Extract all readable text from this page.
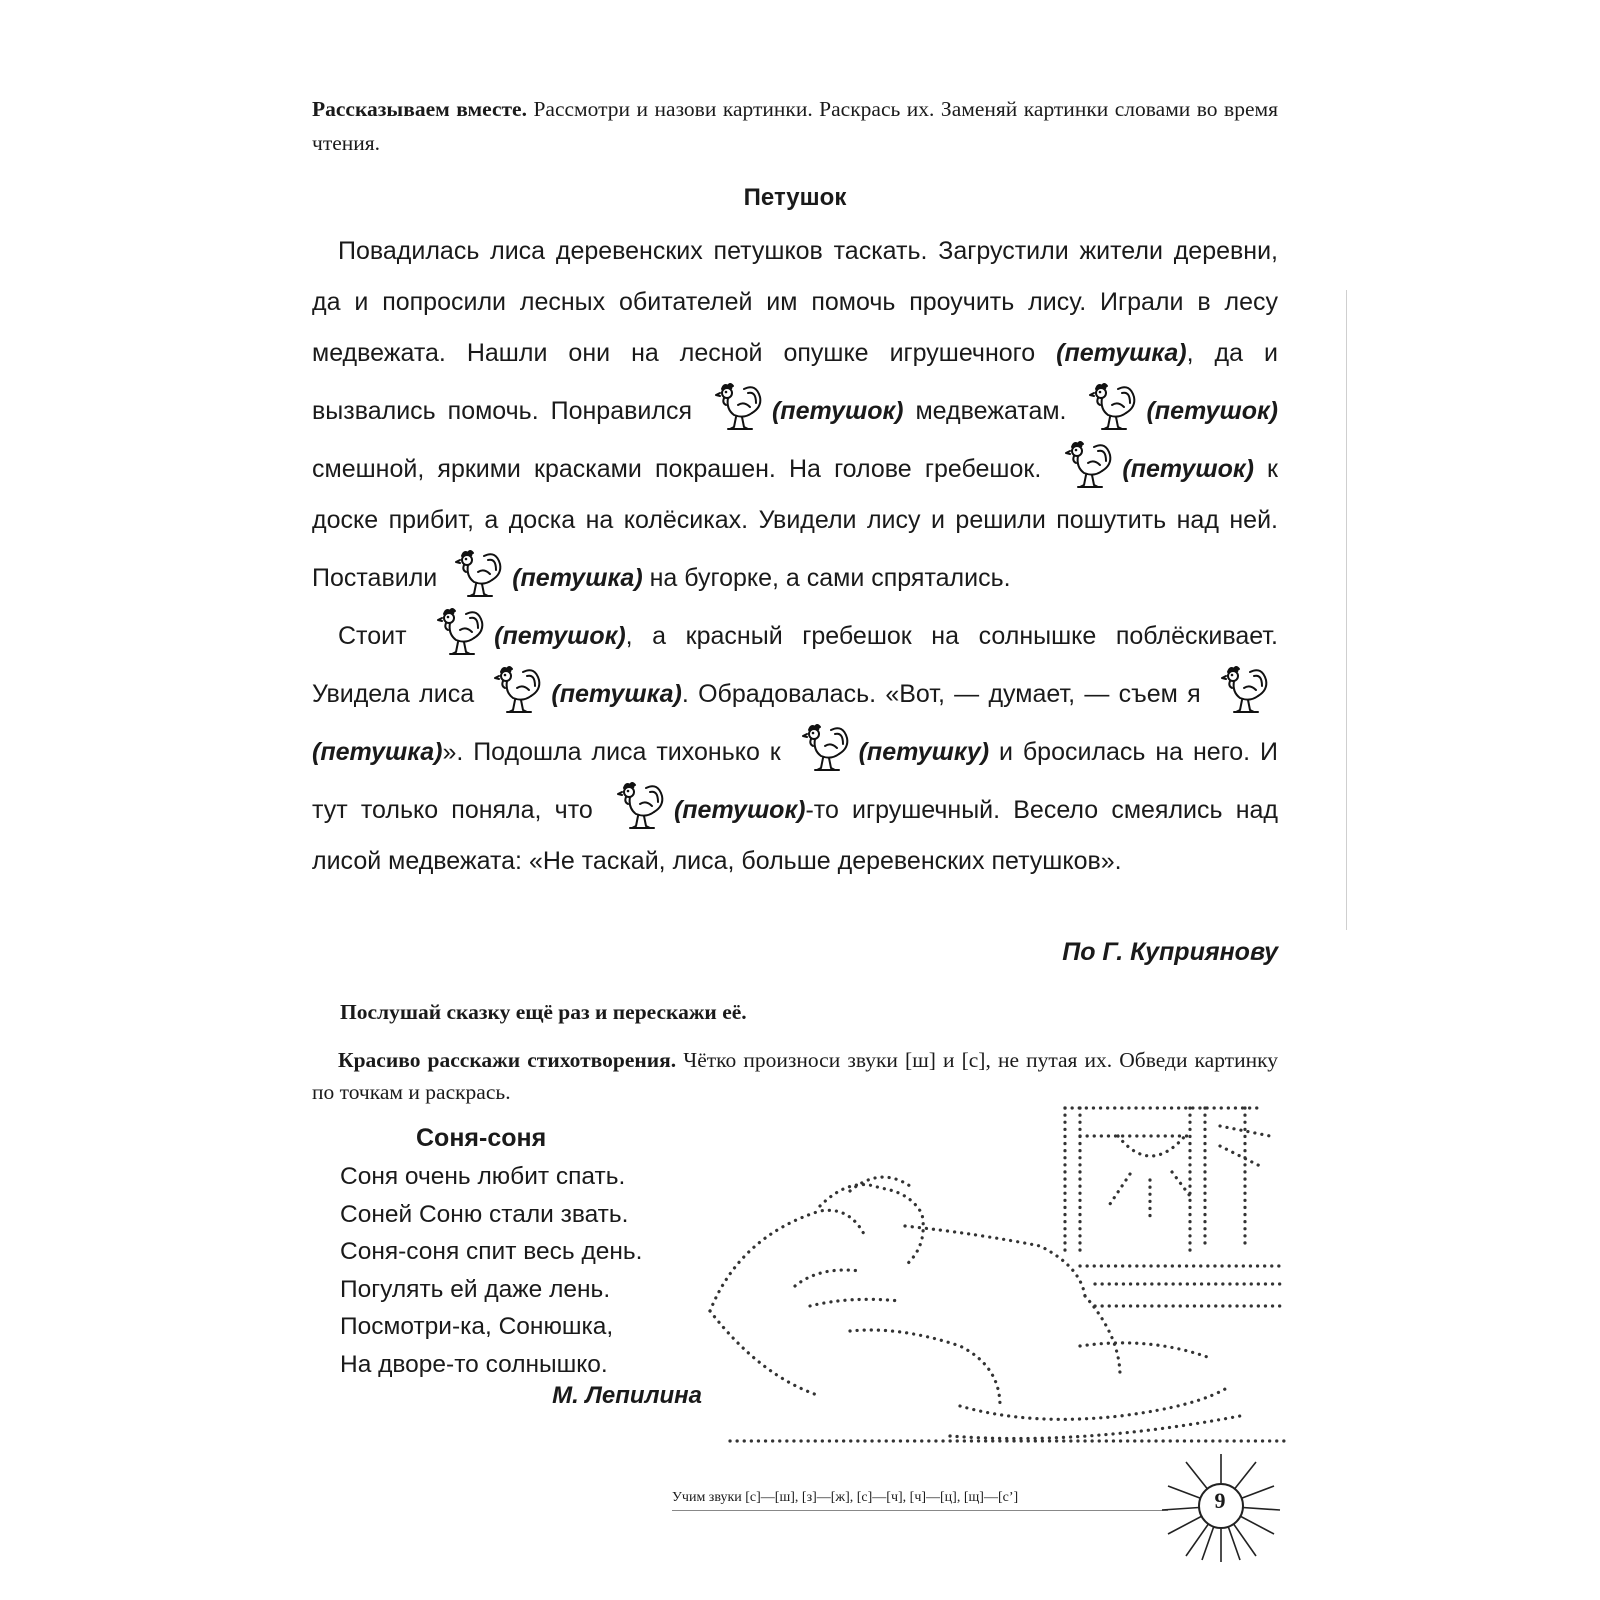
Рассказываем вместе. Рассмотри и назови картинки. Раскрась их. Заменяй картинки словами во время чтения.
Петушок

Повадилась лиса деревенских петушков таскать. Загрустили жители деревни, да и попросили лесных обитателей им помочь проучить лису. Играли в лесу медвежата. Нашли они на лесной опушке игрушечного (петушка), да и вызвались помочь. Понравился	(петушок) медвежатам.	(петушок) смешной, яркими красками покрашен. На голове гребешок.	(петушок) к доске прибит, а доска на колёсиках. Увидели лису и решили пошутить над ней. Поставили	(петушка) на бугорке, а сами спрятались.

Стоит	(петушок), а красный гребешок на солнышке поблёскивает. Увидела лиса	(петушка). Обрадовалась. «Вот, — думает, — съем я (петушка)». Подошла лиса тихонько к	(петушку) и бросилась на него. И тут только поняла, что	(петушок)-то игрушечный. Весело смеялись над лисой медвежата: «Не таскай, лиса, больше деревенских петушков».

По Г. Куприянову
Послушай сказку ещё раз и перескажи её.
Красиво расскажи стихотворения. Чётко произноси звуки [ш] и [с], не путая их. Обведи картинку по точкам и раскрась.
Соня-соня
Соня очень любит спать.
Соней Соню стали звать.
Соня-соня спит весь день.
Погулять ей даже лень.
Посмотри-ка, Сонюшка,
На дворе-то солнышко.
М. Лепилина
Учим звуки [с]—[ш], [з]—[ж], [с]—[ч], [ч]—[ц], [щ]—[с’]	9
